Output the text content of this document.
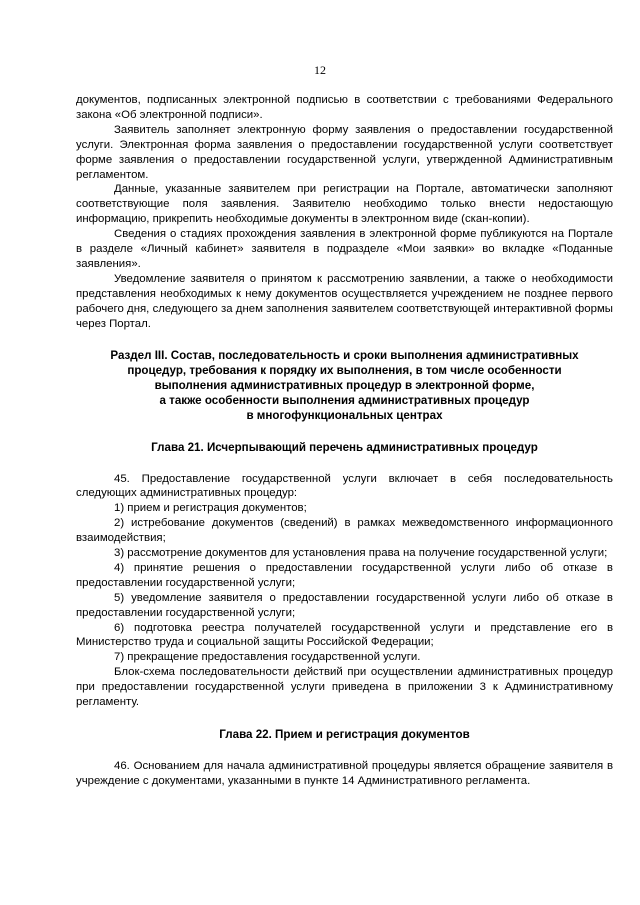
12

документов, подписанных электронной подписью в соответствии с требованиями Федерального закона «Об электронной подписи».

Заявитель заполняет электронную форму заявления о предоставлении государственной услуги. Электронная форма заявления о предоставлении государственной услуги соответствует форме заявления о предоставлении государственной услуги, утвержденной Административным регламентом.

Данные, указанные заявителем при регистрации на Портале, автоматически заполняют соответствующие поля заявления. Заявителю необходимо только внести недостающую информацию, прикрепить необходимые документы в электронном виде (скан-копии).

Сведения о стадиях прохождения заявления в электронной форме публикуются на Портале в разделе «Личный кабинет» заявителя в подразделе «Мои заявки» во вкладке «Поданные заявления».

Уведомление заявителя о принятом к рассмотрению заявлении, а также о необходимости представления необходимых к нему документов осуществляется учреждением не позднее первого рабочего дня, следующего за днем заполнения заявителем соответствующей интерактивной формы через Портал.

Раздел III. Состав, последовательность и сроки выполнения административных
процедур, требования к порядку их выполнения, в том числе особенности
выполнения административных процедур в электронной форме,
а также особенности выполнения административных процедур
в многофункциональных центрах
Глава 21. Исчерпывающий перечень административных процедур

45. Предоставление государственной услуги включает в себя последовательность следующих административных процедур:

1) прием и регистрация документов;

2) истребование документов (сведений) в рамках межведомственного информационного взаимодействия;

3) рассмотрение документов для установления права на получение государственной услуги;

4) принятие решения о предоставлении государственной услуги либо об отказе в предоставлении государственной услуги;

5) уведомление заявителя о предоставлении государственной услуги либо об отказе в предоставлении государственной услуги;

6) подготовка реестра получателей государственной услуги и представление его в Министерство труда и социальной защиты Российской Федерации;

7) прекращение предоставления государственной услуги.

Блок-схема последовательности действий при осуществлении административных процедур при предоставлении государственной услуги приведена в приложении 3 к Административному регламенту.

Глава 22. Прием и регистрация документов

46. Основанием для начала административной процедуры является обращение заявителя в учреждение с документами, указанными в пункте 14 Административного регламента.
